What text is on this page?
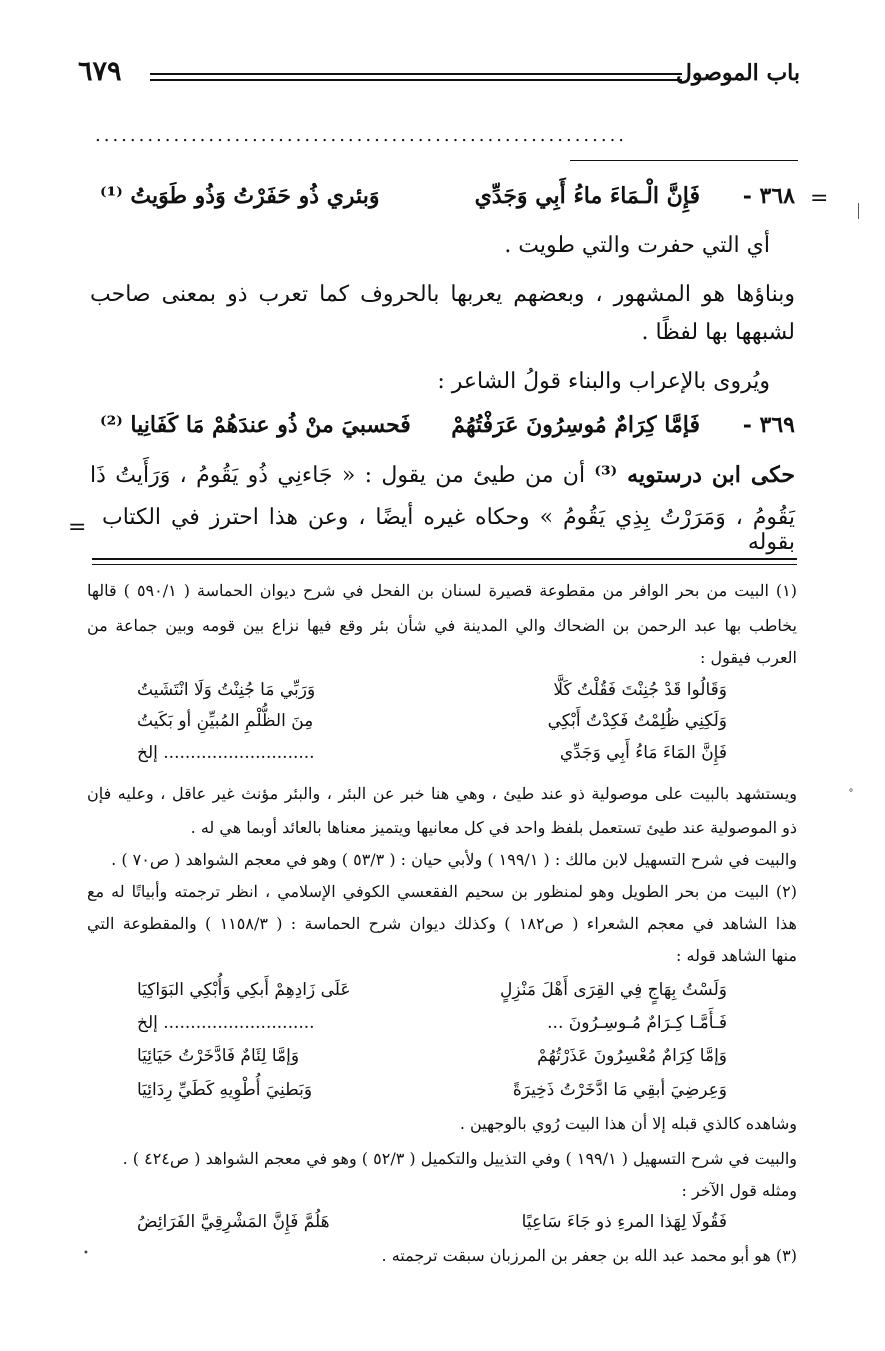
باب الموصول
٦٧٩
.............................................................
=
٣٦٨ -
فَإِنَّ الْـمَاءَ ماءُ أَبِي وَجَدِّي
وَبئري ذُو حَفَرْتُ وَذُو طَوَيتُ ⁽¹⁾
أي التي حفرت والتي طويت .
وبناؤها هو المشهور ، وبعضهم يعربها بالحروف كما تعرب ذو بمعنى صاحب
لشبهها بها لفظًا .
ويُروى بالإعراب والبناء قولُ الشاعر :
٣٦٩ -
فَإمَّا كِرَامٌ مُوسِرُونَ عَرَفْتُهُمْ
فَحسبيَ منْ ذُو عندَهُمْ مَا كَفَانِيا ⁽²⁾
حكى ابن درستويه ⁽³⁾ أن من طيئ من يقول : « جَاءنِي ذُو يَقُومُ ، وَرَأَيتُ ذَا
يَقُومُ ، وَمَرَرْتُ بِذِي يَقُومُ » وحكاه غيره أيضًا ، وعن هذا احترز في الكتاب بقوله
=
(١) البيت من بحر الوافر من مقطوعة قصيرة لسنان بن الفحل في شرح ديوان الحماسة ( ٥٩٠/١ ) قالها
يخاطب بها عبد الرحمن بن الضحاك والي المدينة في شأن بئر وقع فيها نزاع بين قومه وبين جماعة من
العرب فيقول :
وَقَالُوا قَدْ جُنِنْتَ فَقُلْتُ كَلَّا
وَرَبِّي مَا جُنِنْتُ وَلَا انْتَشَيتُ
وَلَكِنِي ظُلِمْتُ فَكِدْتُ أَبْكِي
مِنَ الظُّلْمِ المُبيِّنِ أو بَكَيتُ
فَإِنَّ المَاءَ مَاءُ أَبِي وَجَدِّي
............................ إلخ
ويستشهد بالبيت على موصولية ذو عند طيئ ، وهي هنا خبر عن البئر ، والبئر مؤنث غير عاقل ، وعليه فإن	˚
ذو الموصولية عند طيئ تستعمل بلفظ واحد في كل معانيها ويتميز معناها بالعائد أوبما هي له .
والبيت في شرح التسهيل لابن مالك : ( ١٩٩/١ ) ولأبي حيان : ( ٥٣/٣ ) وهو في معجم الشواهد ( ص٧٠ ) .
(٢) البيت من بحر الطويل وهو لمنظور بن سحيم الفقعسي الكوفي الإسلامي ، انظر ترجمته وأبياتًا له مع
هذا الشاهد في معجم الشعراء ( ص١٨٢ ) وكذلك ديوان شرح الحماسة : ( ١١٥٨/٣ ) والمقطوعة التي
منها الشاهد قوله :
وَلَسْتُ بِهَاجٍ فِي القِرَى أَهْلَ مَنْزِلٍ
عَلَى زَادِهِمْ أَبكِي وَأُبْكِي البَوَاكِيَا
فَـأَمَّـا كِـرَامٌ مُـوسِـرُونَ ...
............................ إلخ
وَإمَّا كِرَامٌ مُعْسِرُونَ عَذَرْتُهُمْ
وَإمَّا لِئَامٌ فَادَّخَرْتُ حَيَائِيَا
وَعِرضِيَ أبقِي مَا ادَّخَرْتُ ذَخِيرَةً
وَبَطنِيَ أُطْوِيهِ كَطَيِّ رِدَائِيَا
وشاهده كالذي قبله إلا أن هذا البيت رُوي بالوجهين .
والبيت في شرح التسهيل ( ١٩٩/١ ) وفي التذييل والتكميل ( ٥٢/٣ ) وهو في معجم الشواهد ( ص٤٢٤ ) .
ومثله قول الآخر :
فَقُولَا لِهَذا المرءِ ذو جَاءَ سَاعِيًا
هَلُمَّ فَإِنَّ المَشْرِقِيَّ الفَرَائِضُ
•	(٣) هو أبو محمد عبد الله بن جعفر بن المرزبان سبقت ترجمته .
